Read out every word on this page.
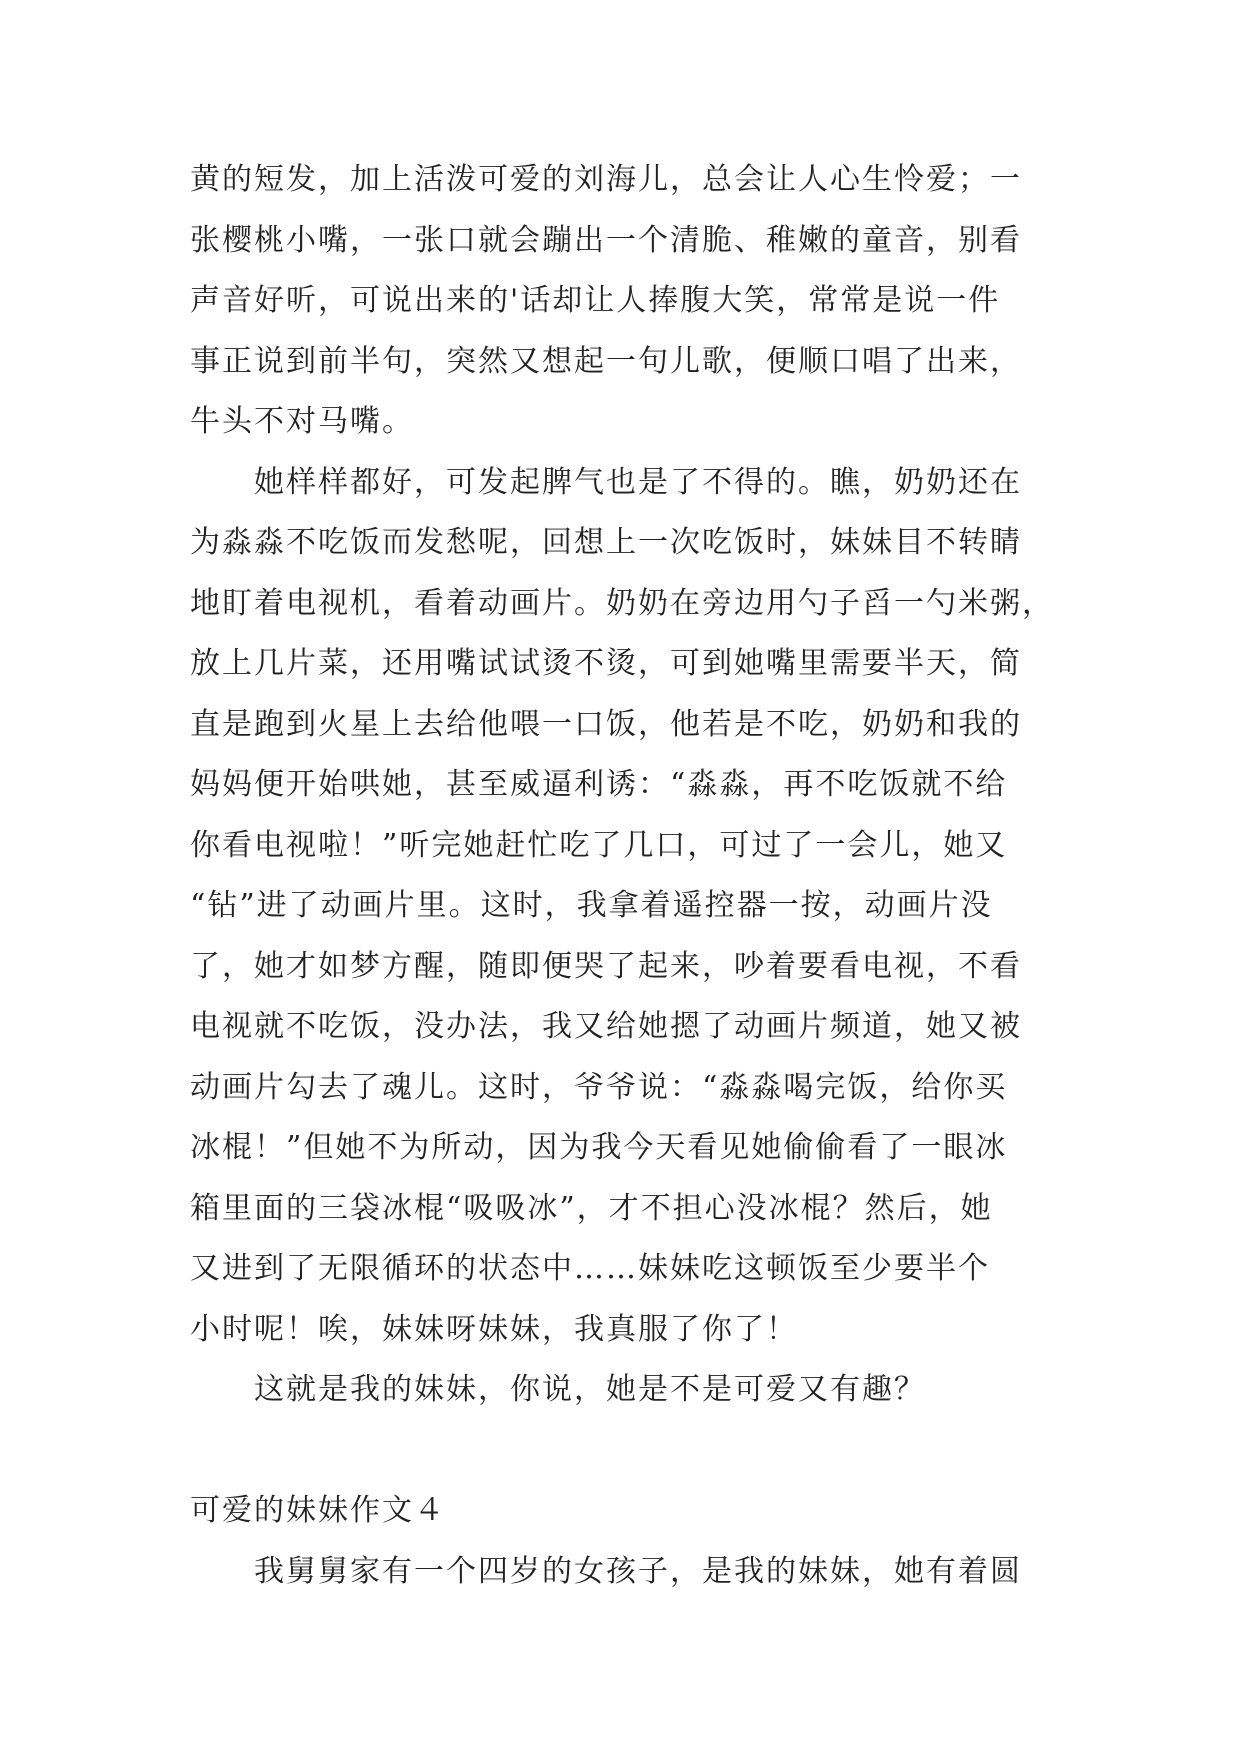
黄的短发，加上活泼可爱的刘海儿，总会让人心生怜爱；一
张樱桃小嘴，一张口就会蹦出一个清脆、稚嫩的童音，别看
声音好听，可说出来的'话却让人捧腹大笑，常常是说一件
事正说到前半句，突然又想起一句儿歌，便顺口唱了出来，
牛头不对马嘴。
她样样都好，可发起脾气也是了不得的。瞧，奶奶还在
为淼淼不吃饭而发愁呢，回想上一次吃饭时，妹妹目不转睛
地盯着电视机，看着动画片。奶奶在旁边用勺子舀一勺米粥，
放上几片菜，还用嘴试试烫不烫，可到她嘴里需要半天，简
直是跑到火星上去给他喂一口饭，他若是不吃，奶奶和我的
妈妈便开始哄她，甚至威逼利诱：“淼淼，再不吃饭就不给
你看电视啦！”听完她赶忙吃了几口，可过了一会儿，她又
“钻”进了动画片里。这时，我拿着遥控器一按，动画片没
了，她才如梦方醒，随即便哭了起来，吵着要看电视，不看
电视就不吃饭，没办法，我又给她摁了动画片频道，她又被
动画片勾去了魂儿。这时，爷爷说：“淼淼喝完饭，给你买
冰棍！”但她不为所动，因为我今天看见她偷偷看了一眼冰
箱里面的三袋冰棍“吸吸冰”，才不担心没冰棍？然后，她
又进到了无限循环的状态中……妹妹吃这顿饭至少要半个
小时呢！唉，妹妹呀妹妹，我真服了你了！
这就是我的妹妹，你说，她是不是可爱又有趣？
可爱的妹妹作文４
我舅舅家有一个四岁的女孩子，是我的妹妹，她有着圆
